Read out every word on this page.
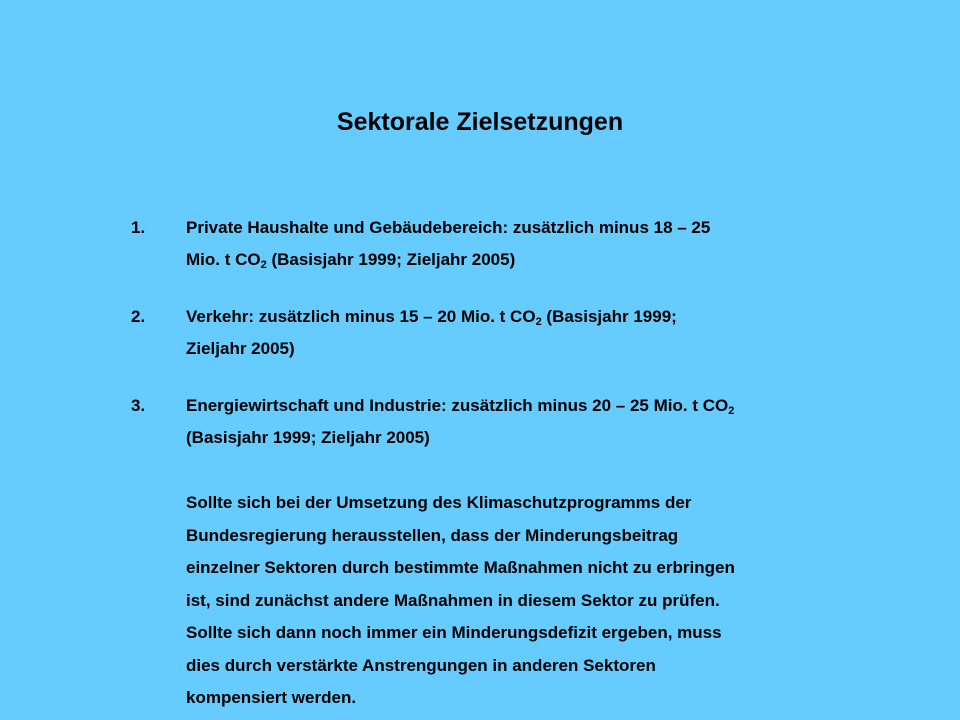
Sektorale Zielsetzungen
1. Private Haushalte und Gebäudebereich: zusätzlich minus 18 – 25
Mio. t $CO_2$ (Basisjahr 1999; Zieljahr 2005)
2. Verkehr: zusätzlich minus 15 – 20 Mio. t $CO_2$ (Basisjahr 1999;
Zieljahr 2005)
3. Energiewirtschaft und Industrie: zusätzlich minus 20 – 25 Mio. t $CO_2$
(Basisjahr 1999; Zieljahr 2005)

Sollte sich bei der Umsetzung des Klimaschutzprogramms der
Bundesregierung herausstellen, dass der Minderungsbeitrag
einzelner Sektoren durch bestimmte Maßnahmen nicht zu erbringen
ist, sind zunächst andere Maßnahmen in diesem Sektor zu prüfen.
Sollte sich dann noch immer ein Minderungsdefizit ergeben, muss
dies durch verstärkte Anstrengungen in anderen Sektoren
kompensiert werden.
